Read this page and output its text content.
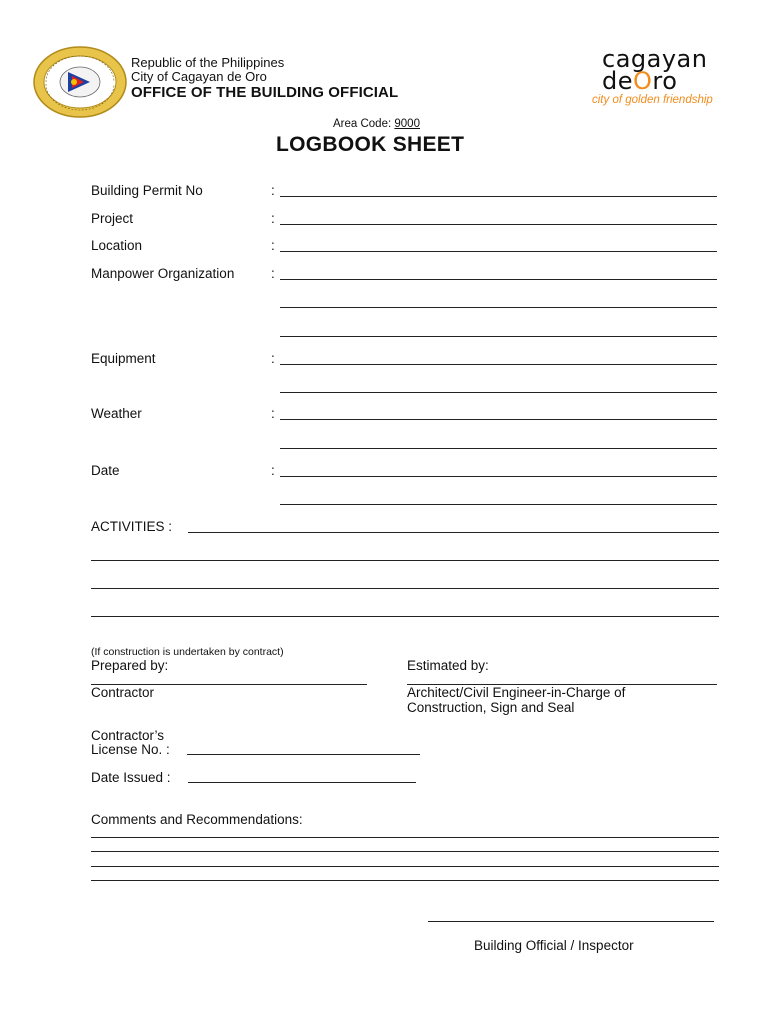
Republic of the Philippines
City of Cagayan de Oro
OFFICE OF THE BUILDING OFFICIAL
cagayan
deOro
city of golden friendship
Area Code: 9000
LOGBOOK SHEET
Building Permit No	:
Project	:
Location	:
Manpower Organization	:
Equipment	:
Weather	:
Date	:
ACTIVITIES :
(If construction is undertaken by contract)
Prepared by:	Estimated by:
Contractor	Architect/Civil Engineer-in-Charge of
Construction, Sign and Seal
Contractor’s
License No. :
Date Issued :
Comments and Recommendations:
Building Official / Inspector
